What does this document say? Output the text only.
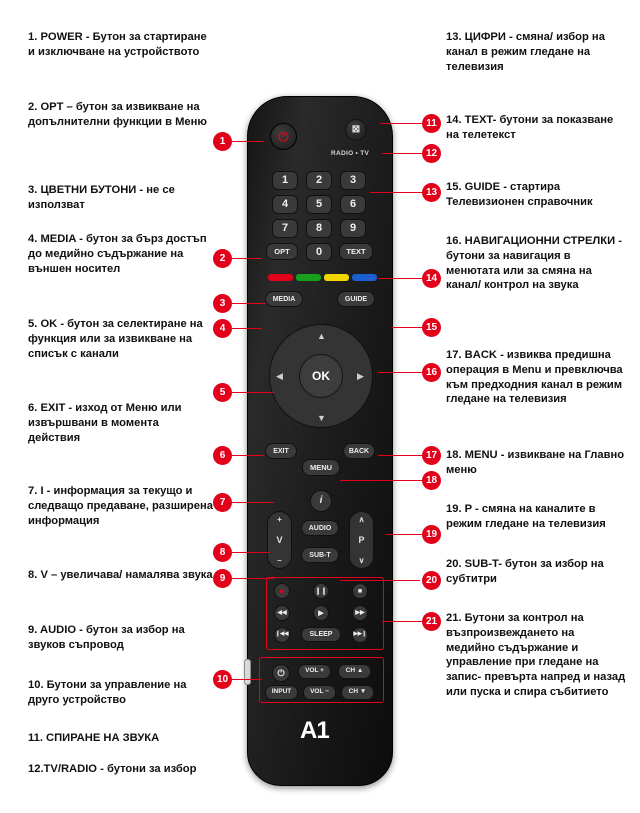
1. POWER - Бутон за стартиране и изключване на устройството
2. OPT – бутон за извикване на допълнителни функции в Меню
3. ЦВЕТНИ БУТОНИ - не се използват
4. MEDIA - бутон за бърз достъп до медийно съдържание на външен носител
5. OK - бутон за селектиране на функция или за извикване на списък с канали
6. EXIT - изход от Меню или извършвани в момента действия
7. I - информация за текущо и следващо предаване, разширена информация
8. V – увеличава/ намалява звука
9. AUDIO - бутон за избор на звуков съпровод
10. Бутони за управление на друго устройство
11. СПИРАНЕ НА ЗВУКА
12.TV/RADIO - бутони за избор
13. ЦИФРИ - смяна/ избор на канал в режим гледане на телевизия
14. TEXT- бутони за показване на телетекст
15. GUIDE - стартира Телевизионен справочник
16. НАВИГАЦИОННИ СТРЕЛКИ - бутони за навигация в менютата или за смяна на канал/ контрол на звука
17. BACK - извиква предишна операция в Menu и превключва към предходния канал в режим гледане на телевизия
18. MENU - извикване на Главно меню
19. P - смяна на каналите в режим гледане на телевизия
20. SUB-T- бутон за избор на субтитри
21. Бутони за контрол на възпроизвеждането на медийно съдържание и управление при гледане на запис- превърта напред и назад или пуска и спира събитието
1
2
3
4
5
6
7
8
9
10
11
12
13
14
15
16
17
18
19
20
21
⏻	⊠
RADIO • TV
1	2	3
4	5	6
7	8	9
OPT	0	TEXT
MEDIA	GUIDE
OK
▲
▼
◀	▶
EXIT	BACK
MENU
i
+
V
–
∧
P
∨
AUDIO
SUB-T
●	❙❙	■
◀◀	▶	▶▶
❙◀◀	SLEEP	▶▶❙
⏻	VOL +	CH ▲
INPUT	VOL −	CH ▼
A1
